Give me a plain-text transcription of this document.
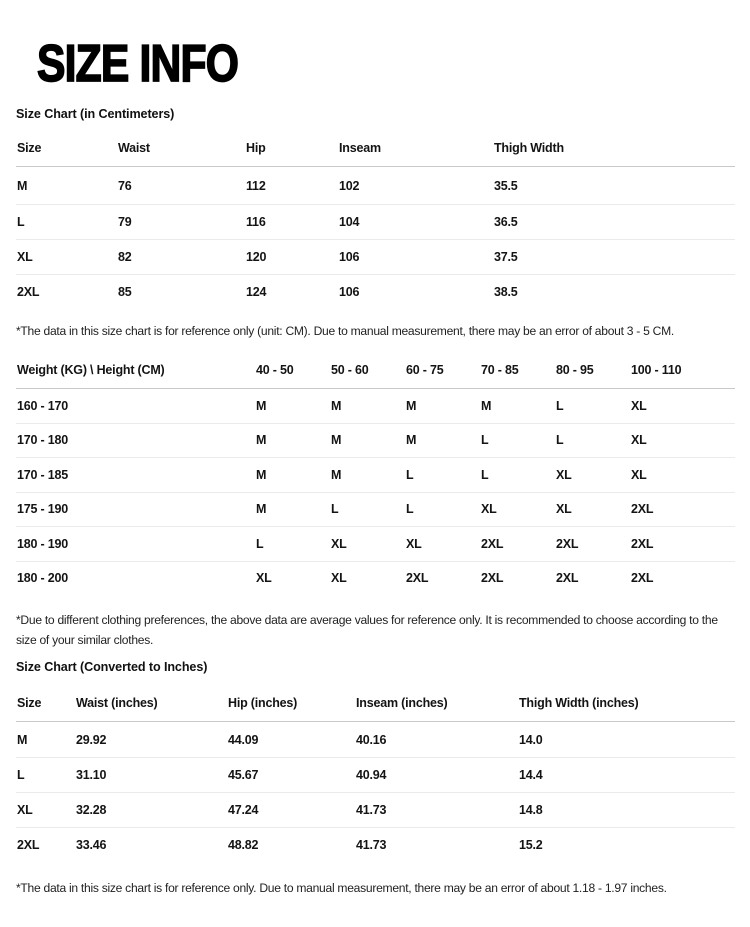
SIZE INFO
Size Chart (in Centimeters)
Size	Waist	Hip	Inseam	Thigh Width
M	76	112	102	35.5
L	79	116	104	36.5
XL	82	120	106	37.5
2XL	85	124	106	38.5
*The data in this size chart is for reference only (unit: CM). Due to manual measurement, there may be an error of about 3 - 5 CM.
Weight (KG) \ Height (CM)	40 - 50	50 - 60	60 - 75	70 - 85	80 - 95	100 - 110
160 - 170	M	M	M	M	L	XL
170 - 180	M	M	M	L	L	XL
170 - 185	M	M	L	L	XL	XL
175 - 190	M	L	L	XL	XL	2XL
180 - 190	L	XL	XL	2XL	2XL	2XL
180 - 200	XL	XL	2XL	2XL	2XL	2XL
*Due to different clothing preferences, the above data are average values for reference only. It is recommended to choose according to the size of your similar clothes.
Size Chart (Converted to Inches)
Size	Waist (inches)	Hip (inches)	Inseam (inches)	Thigh Width (inches)
M	29.92	44.09	40.16	14.0
L	31.10	45.67	40.94	14.4
XL	32.28	47.24	41.73	14.8
2XL	33.46	48.82	41.73	15.2
*The data in this size chart is for reference only. Due to manual measurement, there may be an error of about 1.18 - 1.97 inches.
